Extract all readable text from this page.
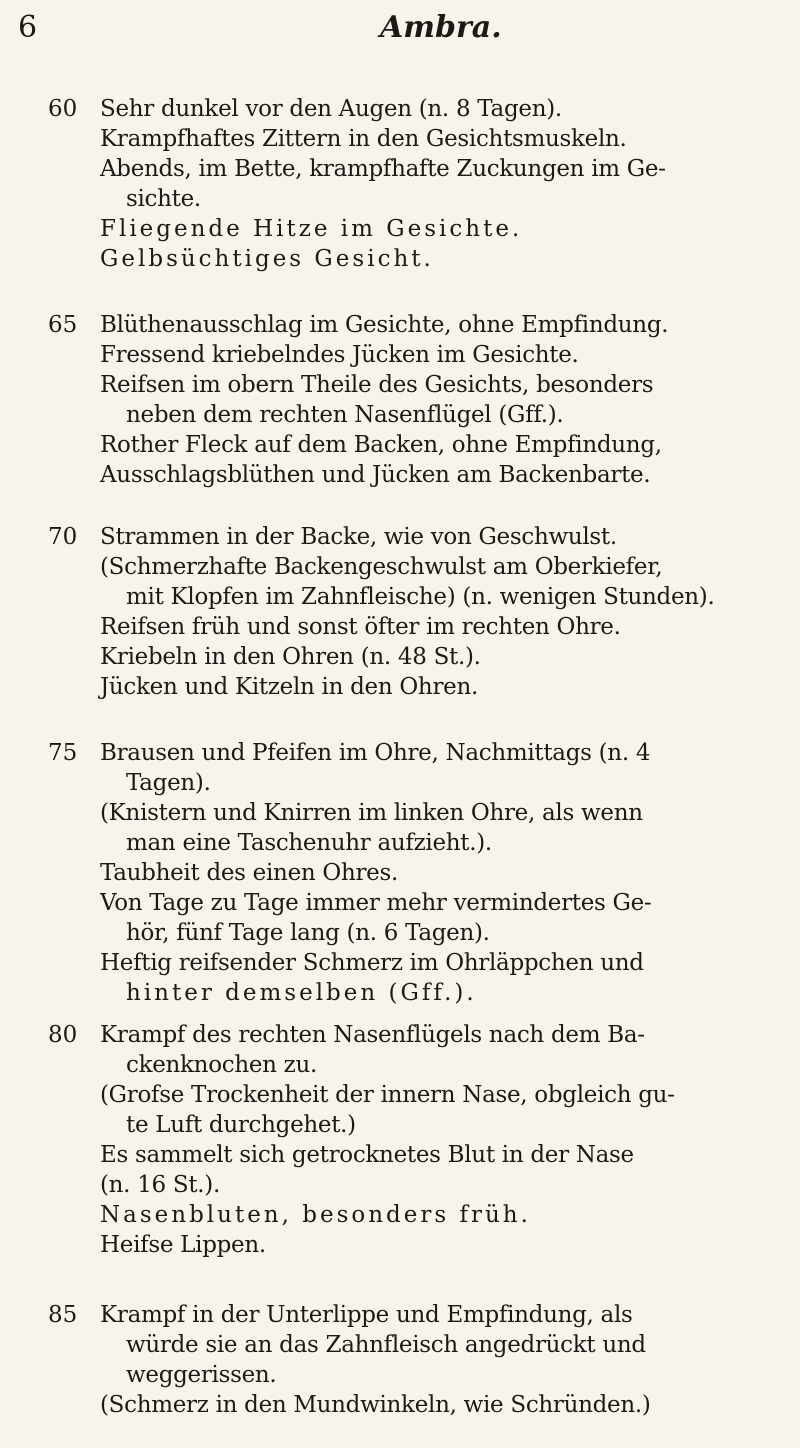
6	Ambra.
60 Sehr dunkel vor den Augen (n. 8 Tagen).
Krampfhaftes Zittern in den Gesichtsmuskeln.
Abends, im Bette, krampfhafte Zuckungen im Ge-
sichte.
Fliegende Hitze im Gesichte.
Gelbsüchtiges Gesicht.
65 Blüthenausschlag im Gesichte, ohne Empfindung.
Fressend kriebelndes Jücken im Gesichte.
Reifsen im obern Theile des Gesichts, besonders
neben dem rechten Nasenflügel (Gff.).
Rother Fleck auf dem Backen, ohne Empfindung,
Ausschlagsblüthen und Jücken am Backenbarte.
70 Strammen in der Backe, wie von Geschwulst.
(Schmerzhafte Backengeschwulst am Oberkiefer,
mit Klopfen im Zahnfleische) (n. wenigen Stunden).
Reifsen früh und sonst öfter im rechten Ohre.
Kriebeln in den Ohren (n. 48 St.).
Jücken und Kitzeln in den Ohren.
75 Brausen und Pfeifen im Ohre, Nachmittags (n. 4
Tagen).
(Knistern und Knirren im linken Ohre, als wenn
man eine Taschenuhr aufzieht.).
Taubheit des einen Ohres.
Von Tage zu Tage immer mehr vermindertes Ge-
hör, fünf Tage lang (n. 6 Tagen).
Heftig reifsender Schmerz im Ohrläppchen und
hinter demselben (Gff.).
80 Krampf des rechten Nasenflügels nach dem Ba-
ckenknochen zu.
(Grofse Trockenheit der innern Nase, obgleich gu-
te Luft durchgehet.)
Es sammelt sich getrocknetes Blut in der Nase
(n. 16 St.).
Nasenbluten, besonders früh.
Heifse Lippen.
85 Krampf in der Unterlippe und Empfindung, als
würde sie an das Zahnfleisch angedrückt und
weggerissen.
(Schmerz in den Mundwinkeln, wie Schründen.)
